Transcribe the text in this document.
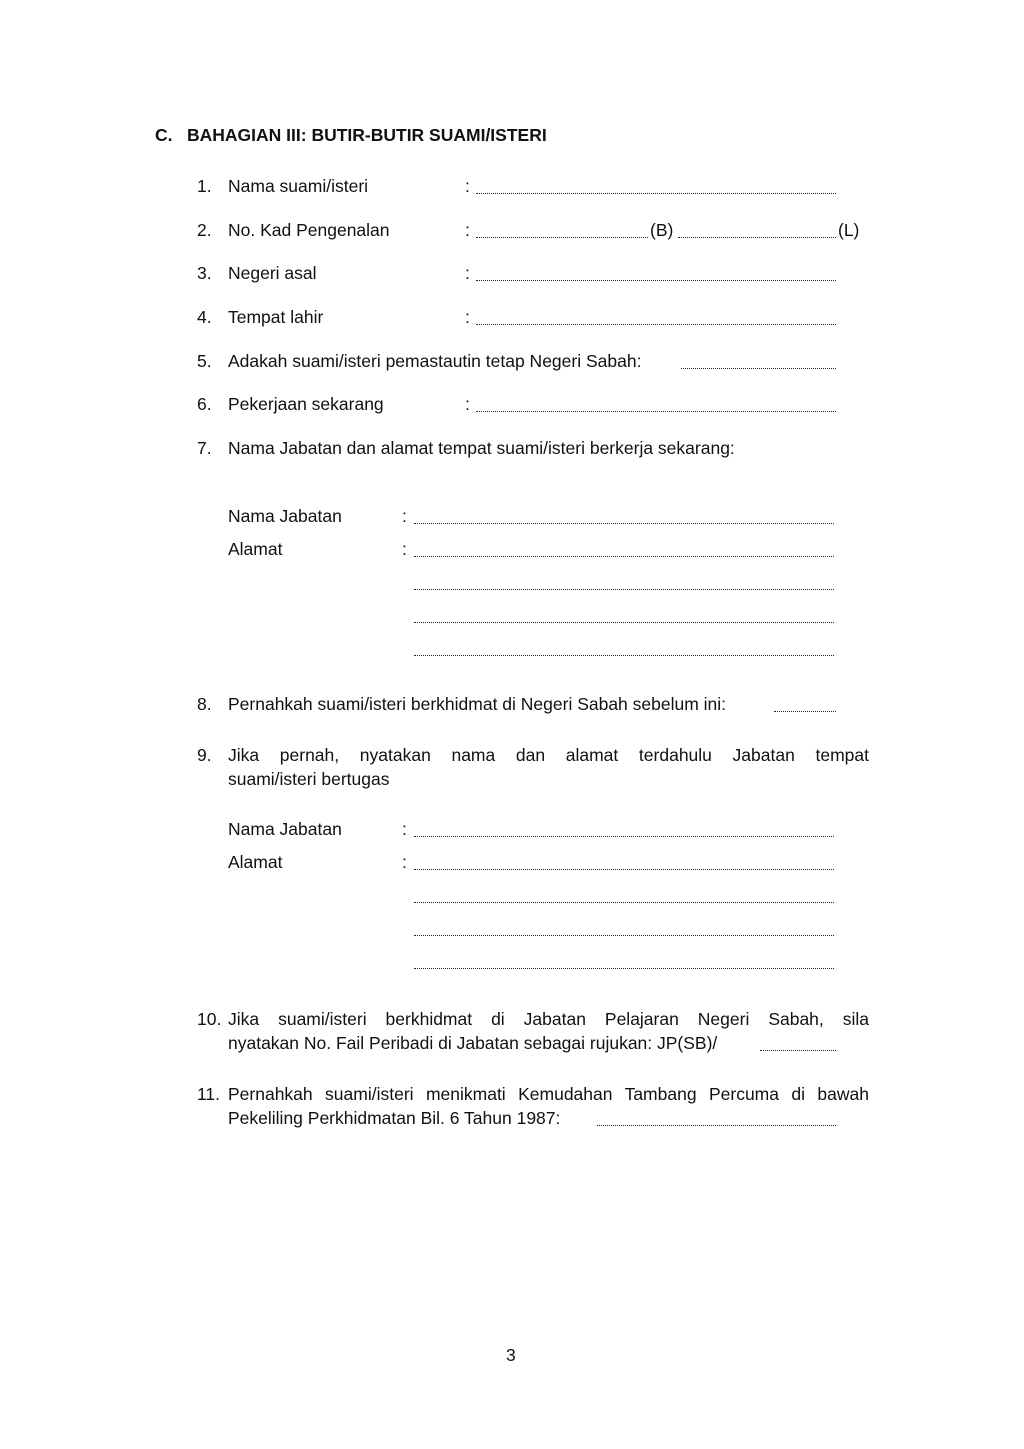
C. BAHAGIAN III: BUTIR-BUTIR SUAMI/ISTERI
1. Nama suami/isteri	:
2. No. Kad Pengenalan	:	(B)	(L)
3. Negeri asal	:
4. Tempat lahir	:
5. Adakah suami/isteri pemastautin tetap Negeri Sabah:
6. Pekerjaan sekarang	:
7. Nama Jabatan dan alamat tempat suami/isteri berkerja sekarang:
Nama Jabatan	:
Alamat	:
8. Pernahkah suami/isteri berkhidmat di Negeri Sabah sebelum ini:
9. Jika pernah, nyatakan nama dan alamat terdahulu Jabatan tempat
suami/isteri bertugas
Nama Jabatan	:
Alamat	:
10. Jika suami/isteri berkhidmat di Jabatan Pelajaran Negeri Sabah, sila
nyatakan No. Fail Peribadi di Jabatan sebagai rujukan: JP(SB)/
11. Pernahkah suami/isteri menikmati Kemudahan Tambang Percuma di bawah
Pekeliling Perkhidmatan Bil. 6 Tahun 1987:
3
